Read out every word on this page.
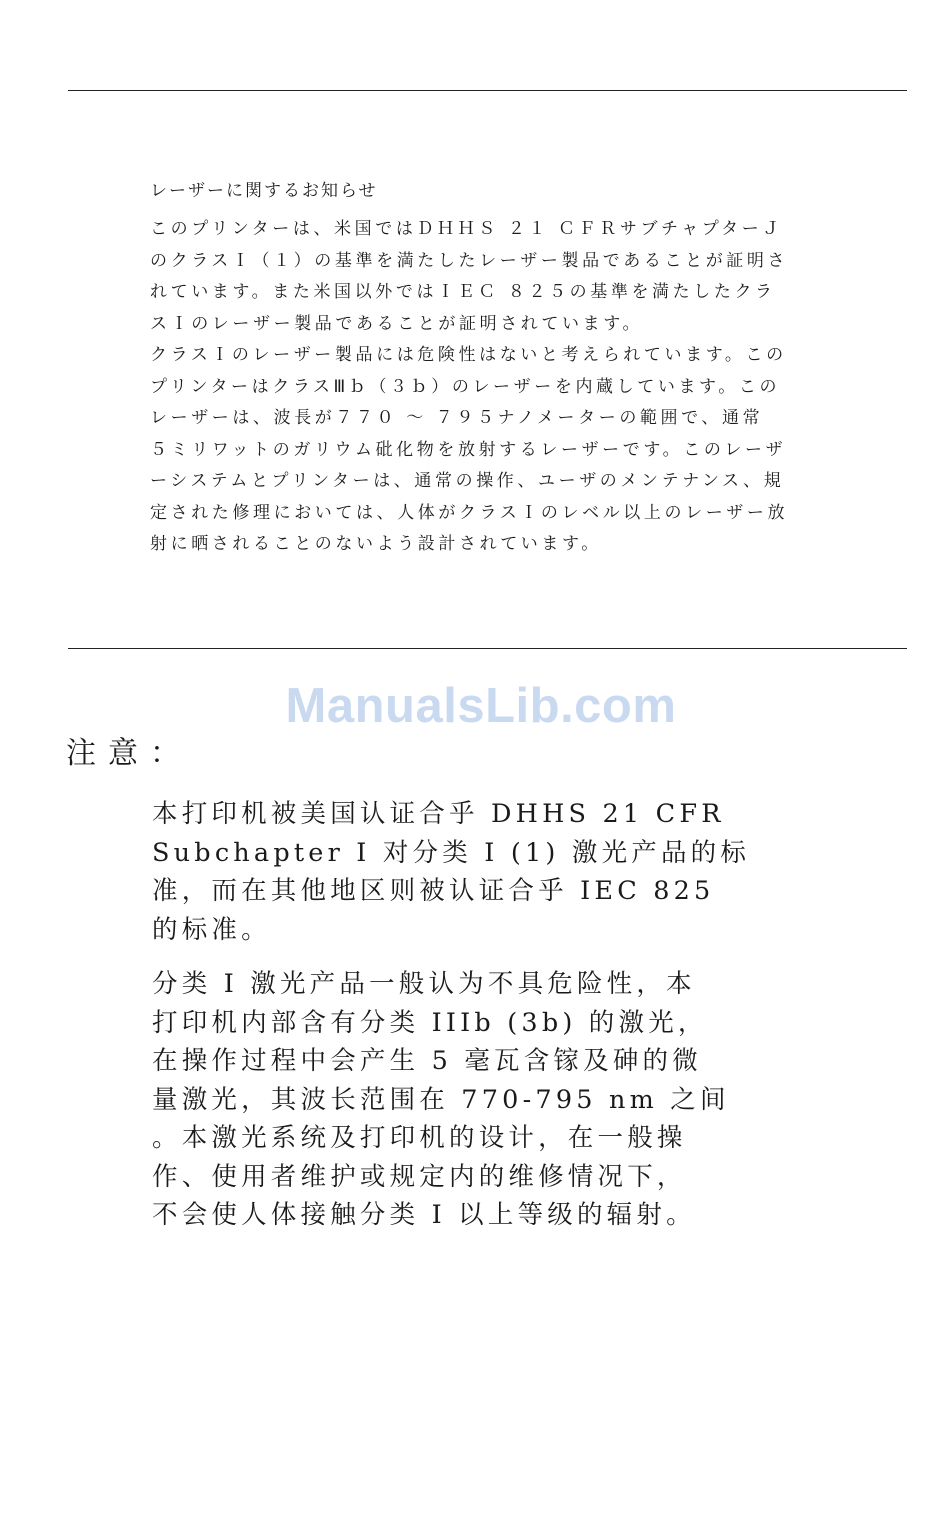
レーザーに関するお知らせ
このプリンターは、米国ではＤＨＨＳ ２１ ＣＦＲサブチャプターＪ
のクラスＩ（１）の基準を満たしたレーザー製品であることが証明さ
れています。また米国以外ではＩＥＣ ８２５の基準を満たしたクラ
スＩのレーザー製品であることが証明されています。
クラスＩのレーザー製品には危険性はないと考えられています。この
プリンターはクラスⅢｂ（３ｂ）のレーザーを内蔵しています。この
レーザーは、波長が７７０ 〜 ７９５ナノメーターの範囲で、通常
５ミリワットのガリウム砒化物を放射するレーザーです。このレーザ
ーシステムとプリンターは、通常の操作、ユーザのメンテナンス、規
定された修理においては、人体がクラスＩのレベル以上のレーザー放
射に晒されることのないよう設計されています。
ManualsLib.com
注意：
本打印机被美国认证合乎 DHHS 21 CFR
Subchapter I 对分类 I (1) 激光产品的标
准，而在其他地区则被认证合乎 IEC 825
的标准。
分类 I 激光产品一般认为不具危险性，本
打印机内部含有分类 IIIb (3b) 的激光，
在操作过程中会产生 5 毫瓦含镓及砷的微
量激光，其波长范围在 770-795 nm 之间
。本激光系统及打印机的设计，在一般操
作、使用者维护或规定内的维修情况下，
不会使人体接触分类 I 以上等级的辐射。
